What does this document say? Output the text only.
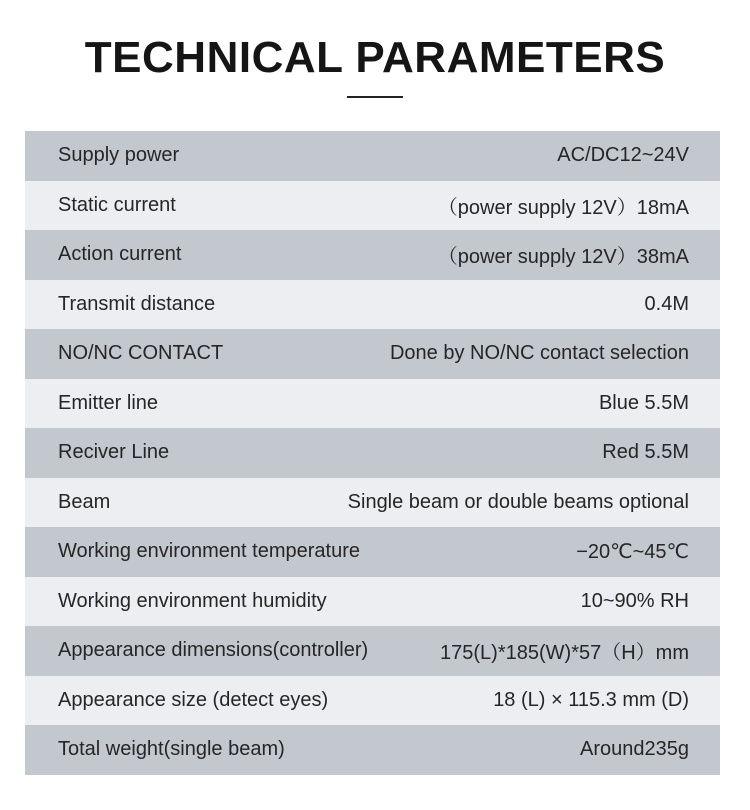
TECHNICAL PARAMETERS
Supply power	AC/DC12~24V
Static current	（power supply 12V）18mA
Action current	（power supply 12V）38mA
Transmit distance	0.4M
NO/NC CONTACT	Done by NO/NC contact selection
Emitter line	Blue 5.5M
Reciver Line	Red 5.5M
Beam	Single beam or double beams optional
Working environment temperature	−20℃~45℃
Working environment humidity	10~90% RH
Appearance dimensions(controller)	175(L)*185(W)*57（H）mm
Appearance size (detect eyes)	18 (L) × 115.3 mm (D)
Total weight(single beam)	Around235g
